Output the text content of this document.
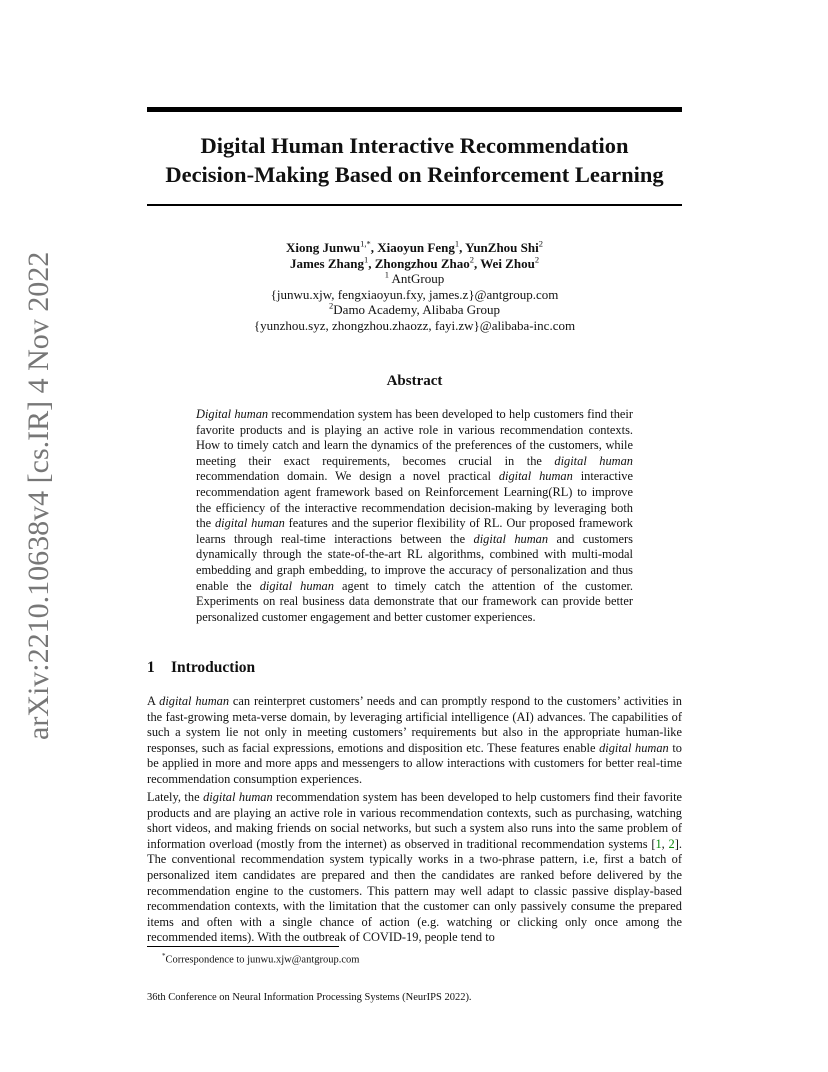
arXiv:2210.10638v4 [cs.IR] 4 Nov 2022
Digital Human Interactive Recommendation
Decision-Making Based on Reinforcement Learning
Xiong Junwu$^{1,*}$, Xiaoyun Feng$^1$, YunZhou Shi$^2$
James Zhang$^1$, Zhongzhou Zhao$^2$, Wei Zhou$^2$
$^1$ AntGroup
{junwu.xjw, fengxiaoyun.fxy, james.z}@antgroup.com
$^2$Damo Academy, Alibaba Group
{yunzhou.syz, zhongzhou.zhaozz, fayi.zw}@alibaba-inc.com
Abstract
Digital human recommendation system has been developed to help customers find their favorite products and is playing an active role in various recommendation contexts. How to timely catch and learn the dynamics of the preferences of the customers, while meeting their exact requirements, becomes crucial in the digital human recommendation domain. We design a novel practical digital human interactive recommendation agent framework based on Reinforcement Learning(RL) to improve the efficiency of the interactive recommendation decision-making by leveraging both the digital human features and the superior flexibility of RL. Our proposed framework learns through real-time interactions between the digital human and customers dynamically through the state-of-the-art RL algorithms, combined with multi-modal embedding and graph embedding, to improve the accuracy of personalization and thus enable the digital human agent to timely catch the attention of the customer. Experiments on real business data demonstrate that our framework can provide better personalized customer engagement and better customer experiences.
1 Introduction
A digital human can reinterpret customers’ needs and can promptly respond to the customers’ activities in the fast-growing meta-verse domain, by leveraging artificial intelligence (AI) advances. The capabilities of such a system lie not only in meeting customers’ requirements but also in the appropriate human-like responses, such as facial expressions, emotions and disposition etc. These features enable digital human to be applied in more and more apps and messengers to allow interactions with customers for better real-time recommendation consumption experiences.
Lately, the digital human recommendation system has been developed to help customers find their favorite products and are playing an active role in various recommendation contexts, such as purchasing, watching short videos, and making friends on social networks, but such a system also runs into the same problem of information overload (mostly from the internet) as observed in traditional recommendation systems [1, 2]. The conventional recommendation system typically works in a two-phrase pattern, i.e, first a batch of personalized item candidates are prepared and then the candidates are ranked before delivered by the recommendation engine to the customers. This pattern may well adapt to classic passive display-based recommendation contexts, with the limitation that the customer can only passively consume the prepared items and often with a single chance of action (e.g. watching or clicking only once among the recommended items). With the outbreak of COVID-19, people tend to
*Correspondence to junwu.xjw@antgroup.com
36th Conference on Neural Information Processing Systems (NeurIPS 2022).
